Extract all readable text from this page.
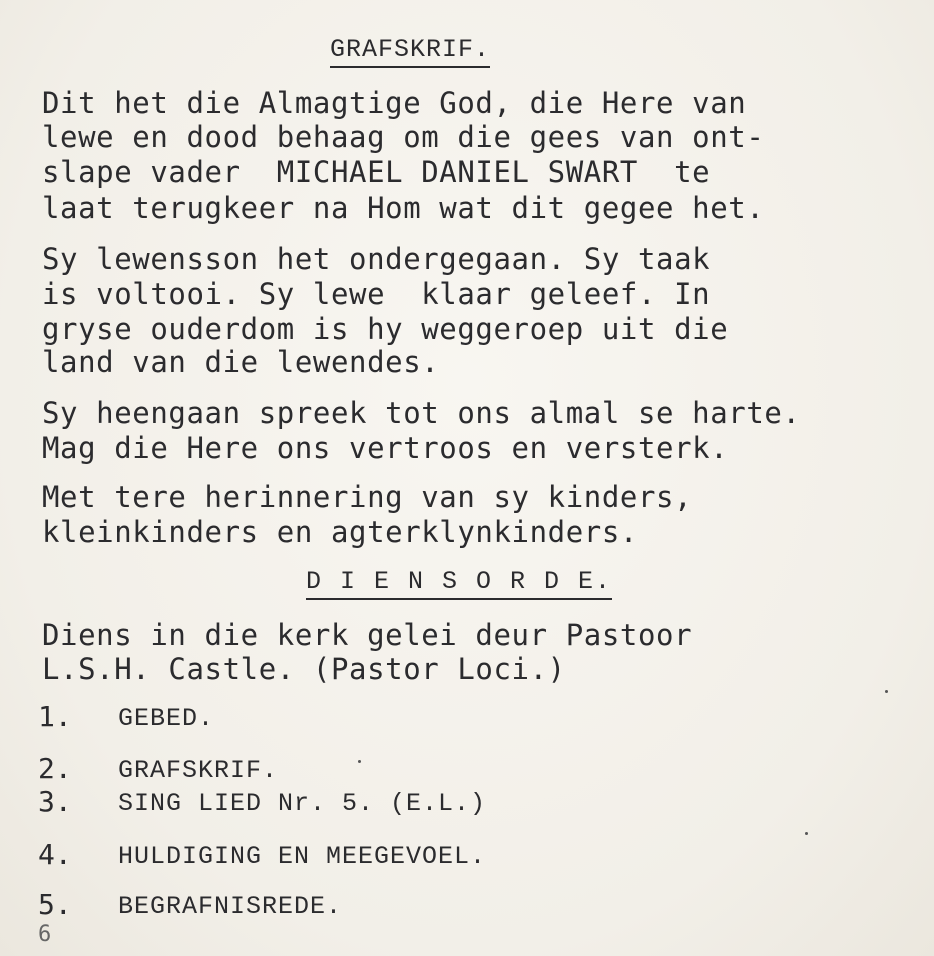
GRAFSKRIF.
Dit het die Almagtige God, die Here van
lewe en dood behaag om die gees van ont-
slape vader  MICHAEL DANIEL SWART  te
laat terugkeer na Hom wat dit gegee het.
Sy lewensson het ondergegaan. Sy taak
is voltooi. Sy lewe  klaar geleef. In
gryse ouderdom is hy weggeroep uit die
land van die lewendes.
Sy heengaan spreek tot ons almal se harte.
Mag die Here ons vertroos en versterk.
Met tere herinnering van sy kinders,
kleinkinders en agterklynkinders.
D I E N S O R D E.
Diens in die kerk gelei deur Pastoor
L.S.H. Castle. (Pastor Loci.)
1. GEBED.
2. GRAFSKRIF.
3. SING LIED Nr. 5. (E.L.)
4. HULDIGING EN MEEGEVOEL.
5. BEGRAFNISREDE.
6
